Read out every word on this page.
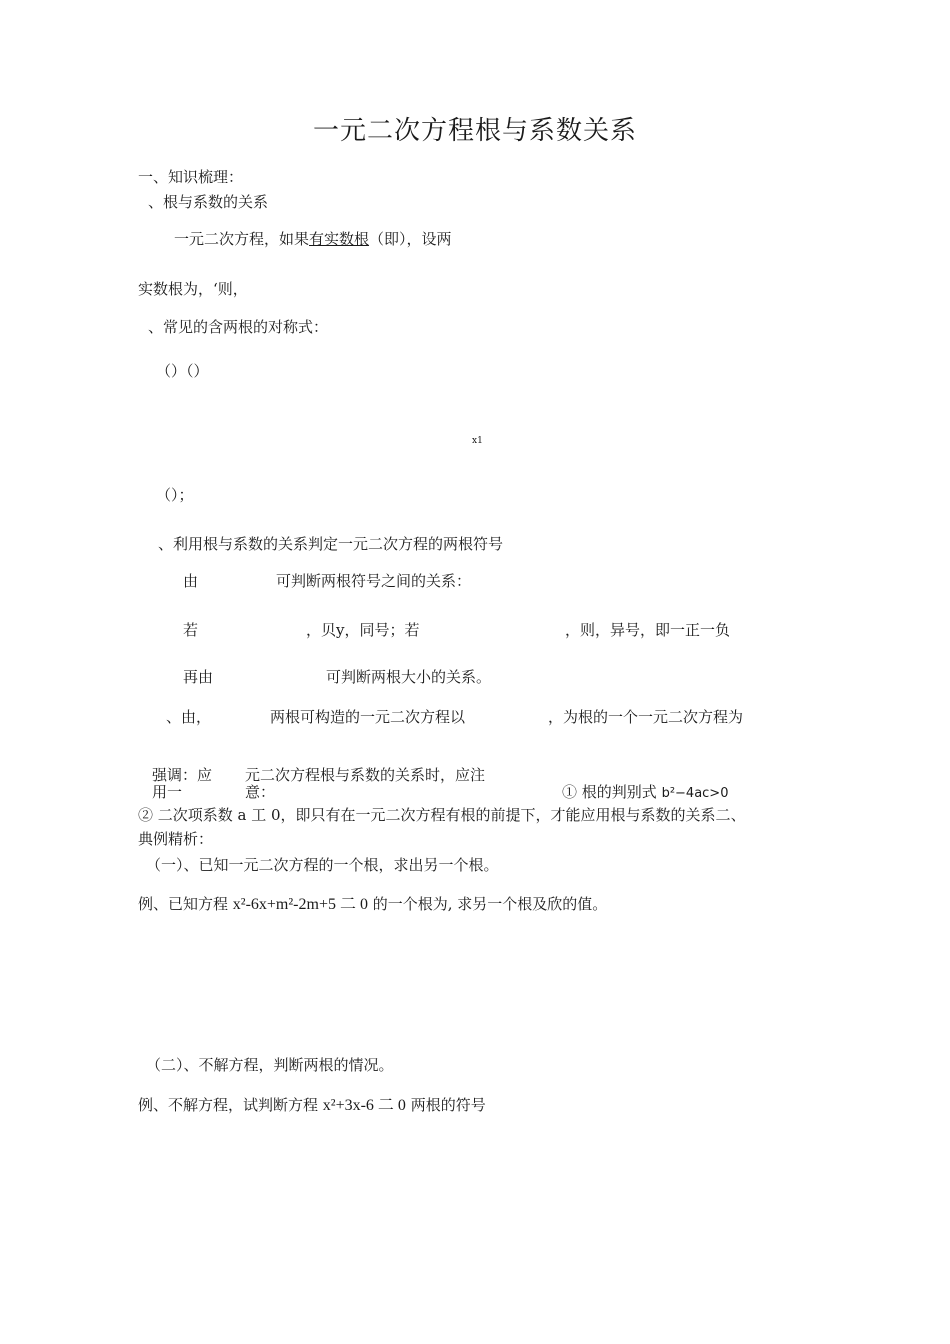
一元二次方程根与系数关系
一、知识梳理：
、根与系数的关系
一元二次方程，如果有实数根（即），设两
实数根为，‘则，
、常见的含两根的对称式：
（）（）
x1
（）；
、利用根与系数的关系判定一元二次方程的两根符号
由	可判断两根符号之间的关系：
若	，贝y，同号；若	，则，异号，即一正一负
再由	可判断两根大小的关系。
、由，	两根可构造的一元二次方程以	，为根的一个一元二次方程为
强调：应
用一
元二次方程根与系数的关系时，应注
意：	① 根的判别式 b²−4ac>0
② 二次项系数 a 工 0，即只有在一元二次方程有根的前提下，才能应用根与系数的关系二、
典例精析：
（一）、已知一元二次方程的一个根，求出另一个根。
例、已知方程 x²-6x+m²-2m+5 二 0 的一个根为, 求另一个根及欣的值。
（二）、不解方程，判断两根的情况。
例、不解方程，试判断方程 x²+3x-6 二 0 两根的符号
